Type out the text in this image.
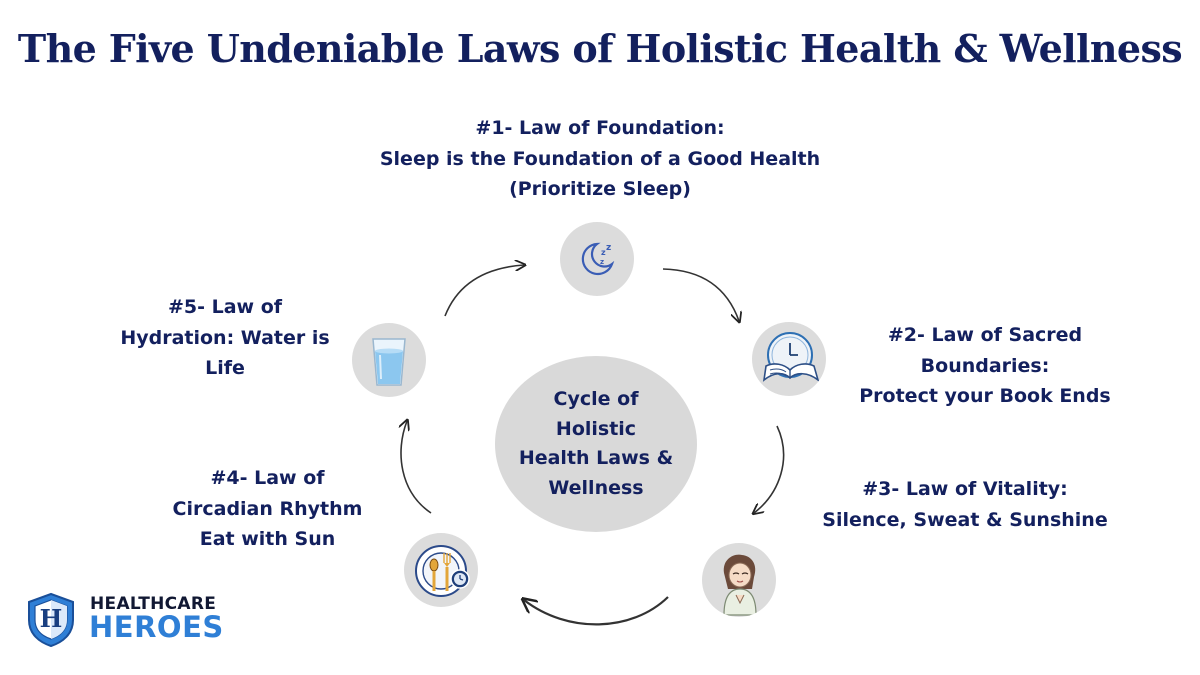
The Five Undeniable Laws of Holistic Health & Wellness
#1- Law of Foundation:
Sleep is the Foundation of a Good Health
(Prioritize Sleep)
#2- Law of Sacred
Boundaries:
Protect your Book Ends
#3- Law of Vitality:
Silence, Sweat & Sunshine
#4- Law of
Circadian Rhythm
Eat with Sun
#5- Law of
Hydration: Water is
Life
Cycle of
Holistic
Health Laws &
Wellness
z z
z
H HEALTHCARE
HEROES
